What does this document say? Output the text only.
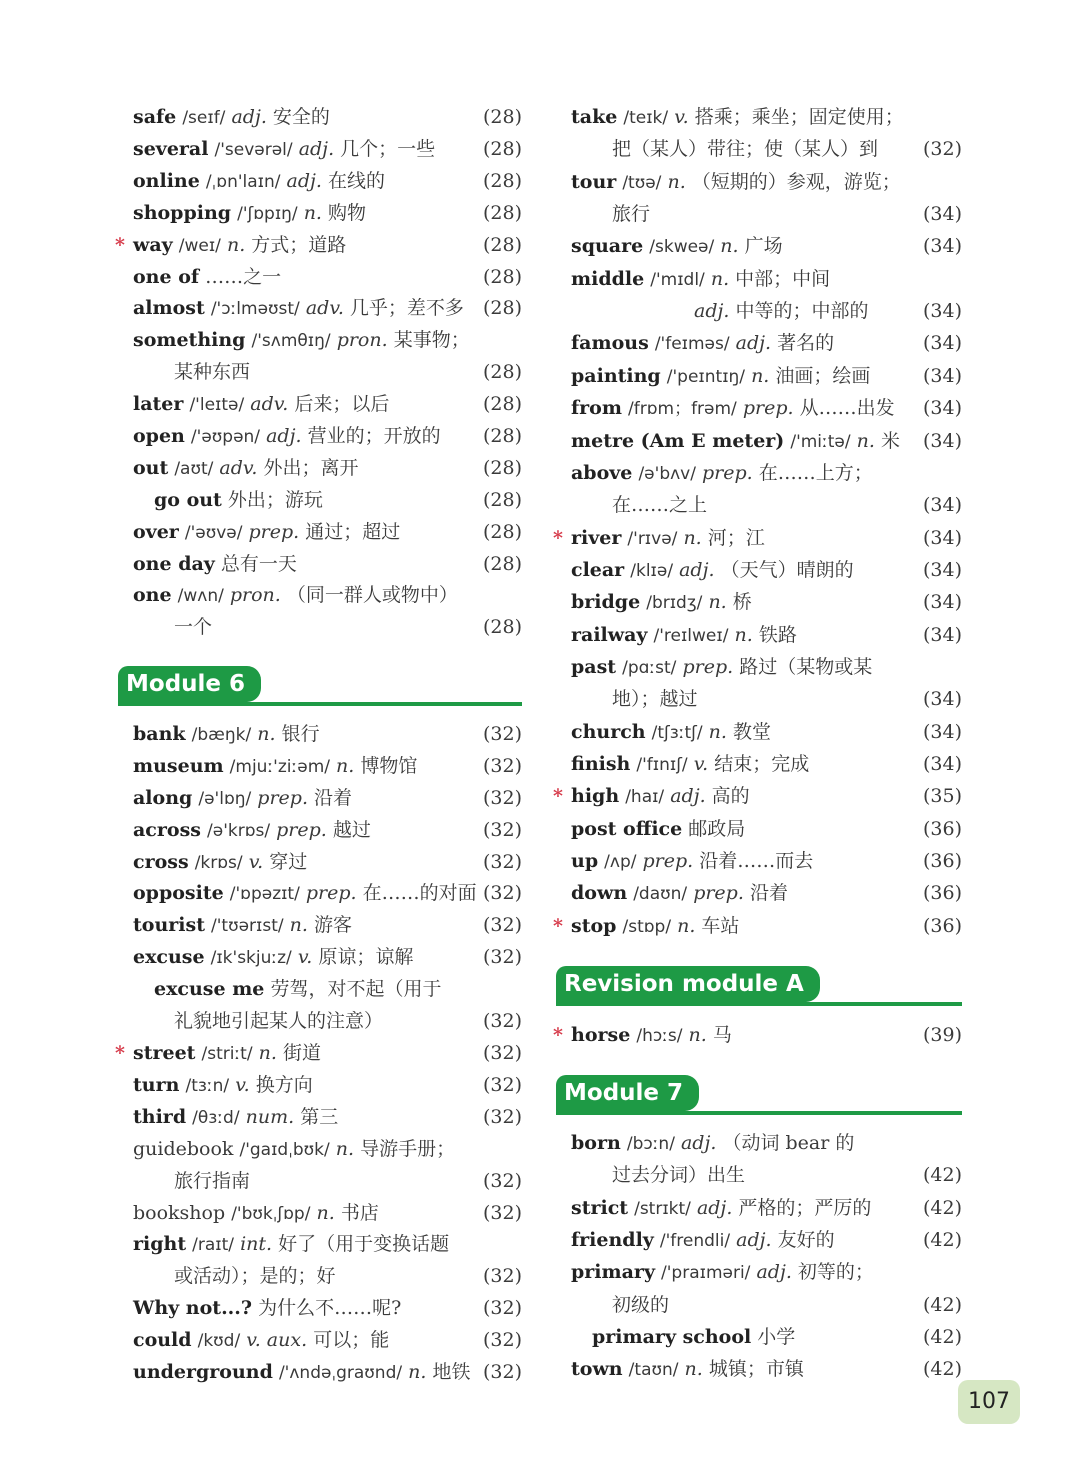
safe /seɪf/ adj. 安全的	(28)
several /'sevərəl/ adj. 几个；一些	(28)
online /ˌɒn'laɪn/ adj. 在线的	(28)
shopping /'ʃɒpɪŋ/ n. 购物	(28)
* way /weɪ/ n. 方式；道路	(28)
one of ……之一	(28)
almost /'ɔːlməʊst/ adv. 几乎；差不多 (28)
something /'sʌmθɪŋ/ pron. 某事物；
某种东西	(28)
later /'leɪtə/ adv. 后来；以后	(28)
open /'əʊpən/ adj. 营业的；开放的 (28)
out /aʊt/ adv. 外出；离开	(28)
go out 外出；游玩	(28)
over /'əʊvə/ prep. 通过；超过	(28)
one day 总有一天	(28)
one /wʌn/ pron. （同一群人或物中）
一个	(28)
Module 6
bank /bæŋk/ n. 银行	(32)
museum /mjuː'ziːəm/ n. 博物馆	(32)
along /ə'lɒŋ/ prep. 沿着	(32)
across /ə'krɒs/ prep. 越过	(32)
cross /krɒs/ v. 穿过	(32)
opposite /'ɒpəzɪt/ prep. 在……的对面 (32)
tourist /'tʊərɪst/ n. 游客	(32)
excuse /ɪk'skjuːz/ v. 原谅；谅解	(32)
excuse me 劳驾，对不起（用于
礼貌地引起某人的注意）	(32)
* street /striːt/ n. 街道	(32)
turn /tɜːn/ v. 换方向	(32)
third /θɜːd/ num. 第三	(32)
guidebook /'gaɪdˌbʊk/ n. 导游手册；
旅行指南	(32)
bookshop /'bʊkˌʃɒp/ n. 书店	(32)
right /raɪt/ int. 好了（用于变换话题
或活动）；是的；好	(32)
Why not...? 为什么不……呢?	(32)
could /kʊd/ v. aux. 可以；能	(32)
underground /'ʌndəˌgraʊnd/ n. 地铁 (32)
take /teɪk/ v. 搭乘；乘坐；固定使用；
把（某人）带往；使（某人）到 (32)
tour /tʊə/ n. （短期的）参观，游览；
旅行	(34)
square /skweə/ n. 广场	(34)
middle /'mɪdl/ n. 中部；中间
adj. 中等的；中部的	(34)
famous /'feɪməs/ adj. 著名的	(34)
painting /'peɪntɪŋ/ n. 油画；绘画	(34)
from /frɒm；frəm/ prep. 从……出发 (34)
metre (Am E meter) /'miːtə/ n. 米 (34)
above /ə'bʌv/ prep. 在……上方；
在……之上	(34)
* river /'rɪvə/ n. 河；江	(34)
clear /klɪə/ adj. （天气）晴朗的	(34)
bridge /brɪdʒ/ n. 桥	(34)
railway /'reɪlweɪ/ n. 铁路	(34)
past /pɑːst/ prep. 路过（某物或某
地）；越过	(34)
church /tʃɜːtʃ/ n. 教堂	(34)
finish /'fɪnɪʃ/ v. 结束；完成	(34)
* high /haɪ/ adj. 高的	(35)
post office 邮政局	(36)
up /ʌp/ prep. 沿着……而去	(36)
down /daʊn/ prep. 沿着	(36)
* stop /stɒp/ n. 车站	(36)
Revision module A
* horse /hɔːs/ n. 马	(39)
Module 7
born /bɔːn/ adj. （动词 bear 的
过去分词）出生	(42)
strict /strɪkt/ adj. 严格的；严厉的	(42)
friendly /'frendli/ adj. 友好的	(42)
primary /'praɪməri/ adj. 初等的；
初级的	(42)
primary school 小学	(42)
town /taʊn/ n. 城镇；市镇	(42)
107
